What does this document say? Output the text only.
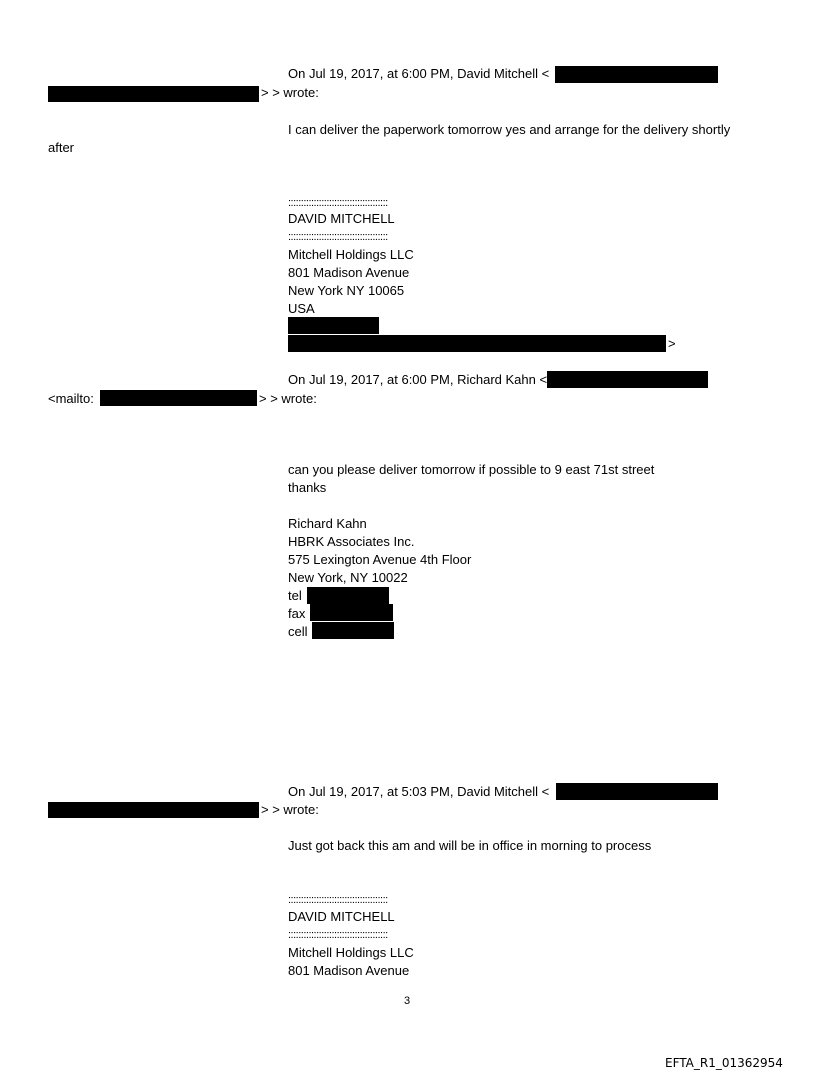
On Jul 19, 2017, at 6:00 PM, David Mitchell <
> > wrote:
I can deliver the paperwork tomorrow yes and arrange for the delivery shortly
after
:::::::::::::::::::::::::::::::::::::::
DAVID MITCHELL
:::::::::::::::::::::::::::::::::::::::
Mitchell Holdings LLC
801 Madison Avenue
New York NY 10065
USA
>
On Jul 19, 2017, at 6:00 PM, Richard Kahn <
<mailto:	> > wrote:
can you please deliver tomorrow if possible to 9 east 71st street
thanks
Richard Kahn
HBRK Associates Inc.
575 Lexington Avenue 4th Floor
New York, NY 10022
tel
fax
cell
On Jul 19, 2017, at 5:03 PM, David Mitchell <
> > wrote:
Just got back this am and will be in office in morning to process
:::::::::::::::::::::::::::::::::::::::
DAVID MITCHELL
:::::::::::::::::::::::::::::::::::::::
Mitchell Holdings LLC
801 Madison Avenue
3
EFTA_R1_01362954
